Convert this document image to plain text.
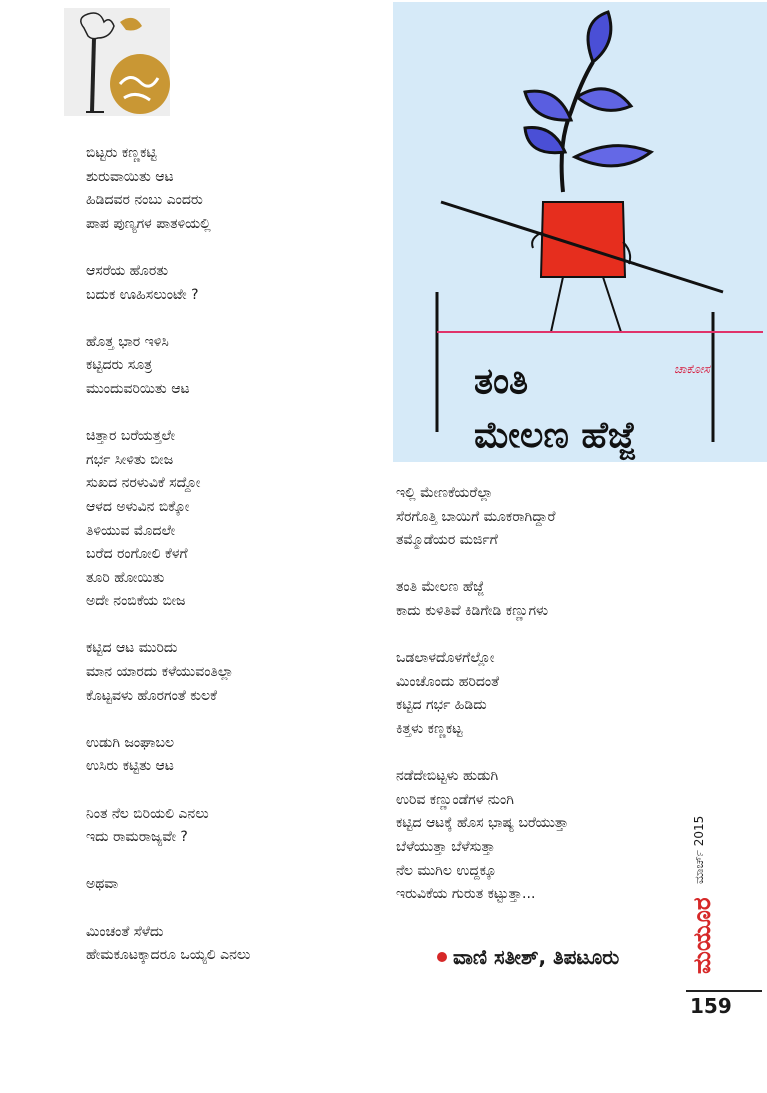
ಚಾಕೋಸ
ತಂತಿ
ಮೇಲಣ ಹೆಜ್ಜೆ
ಬಿಟ್ಟರು ಕಣ್ಣಕಟ್ಟಿ
ಶುರುವಾಯಿತು ಆಟ
ಹಿಡಿದವರ ನಂಬು ಎಂದರು
ಪಾಪ ಪುಣ್ಯಗಳ ಪಾತಳಿಯಲ್ಲಿ
ಆಸರೆಯ ಹೊರತು
ಬದುಕ ಊಹಿಸಲುಂಟೇ ?
ಹೊತ್ತ ಭಾರ ಇಳಿಸಿ
ಕಟ್ಟಿದರು ಸೂತ್ರ
ಮುಂದುವರಿಯಿತು ಆಟ
ಚಿತ್ತಾರ ಬರೆಯತ್ತಲೇ
ಗರ್ಭ ಸೀಳಿತು ಬೀಜ
ಸುಖದ ನರಳುವಿಕೆ ಸದ್ದೋ
ಆಳದ ಅಳುವಿನ ಬಿಕ್ಕೋ
ತಿಳಿಯುವ ಮೊದಲೇ
ಬರೆದ ರಂಗೋಲಿ ಕೆಳಗೆ
ತೂರಿ ಹೋಯಿತು
ಅದೇ ನಂಬಿಕೆಯ ಬೀಜ
ಕಟ್ಟಿದ ಆಟ ಮುರಿದು
ಮಾನ ಯಾರದು ಕಳೆಯುವಂತಿಲ್ಲಾ
ಕೊಟ್ಟವಳು ಹೊರಗಂತೆ ಕುಲಕೆ
ಉಡುಗಿ ಜಂಘಾಬಲ
ಉಸಿರು ಕಟ್ಟಿತು ಆಟ
ನಿಂತ ನೆಲ ಬಿರಿಯಲಿ ಎನಲು
ಇದು ರಾಮರಾಜ್ಯವೇ ?
ಅಥವಾ
ಮಿಂಚಂತೆ ಸೆಳೆದು
ಹೇಮಕೂಟಕ್ಕಾದರೂ ಒಯ್ಯಲಿ ಎನಲು
ಇಲ್ಲಿ ಮೇಣಕೆಯರೆಲ್ಲಾ
ಸೆರಗೊತ್ತಿ ಬಾಯಿಗೆ ಮೂಕರಾಗಿದ್ದಾರೆ
ತಮ್ಮೊಡೆಯರ ಮರ್ಜಿಗೆ
ತಂತಿ ಮೇಲಣ ಹೆಜ್ಜೆ
ಕಾದು ಕುಳಿತಿವೆ ಕಿಡಿಗೇಡಿ ಕಣ್ಣುಗಳು
ಒಡಲಾಳದೊಳಗೆಲ್ಲೋ
ಮಿಂಚೊಂದು ಹರಿದಂತೆ
ಕಟ್ಟಿದ ಗರ್ಭ ಹಿಡಿದು
ಕಿತ್ತಳು ಕಣ್ಣಕಟ್ಟ
ನಡೆದೇಬಿಟ್ಟಳು ಹುಡುಗಿ
ಉರಿವ ಕಣ್ಣುಂಡೆಗಳ ನುಂಗಿ
ಕಟ್ಟಿದ ಆಟಕ್ಕೆ ಹೊಸ ಭಾಷ್ಯ ಬರೆಯುತ್ತಾ
ಬೆಳೆಯುತ್ತಾ ಬೆಳೆಸುತ್ತಾ
ನೆಲ ಮುಗಿಲ ಉದ್ದಕ್ಕೂ
ಇರುವಿಕೆಯ ಗುರುತ ಕಟ್ಟುತ್ತಾ...
ವಾಣಿ ಸತೀಶ್, ತಿಪಟೂರು
ಮಾರ್ಚ್ 2015
ಮಯೂರ
159
